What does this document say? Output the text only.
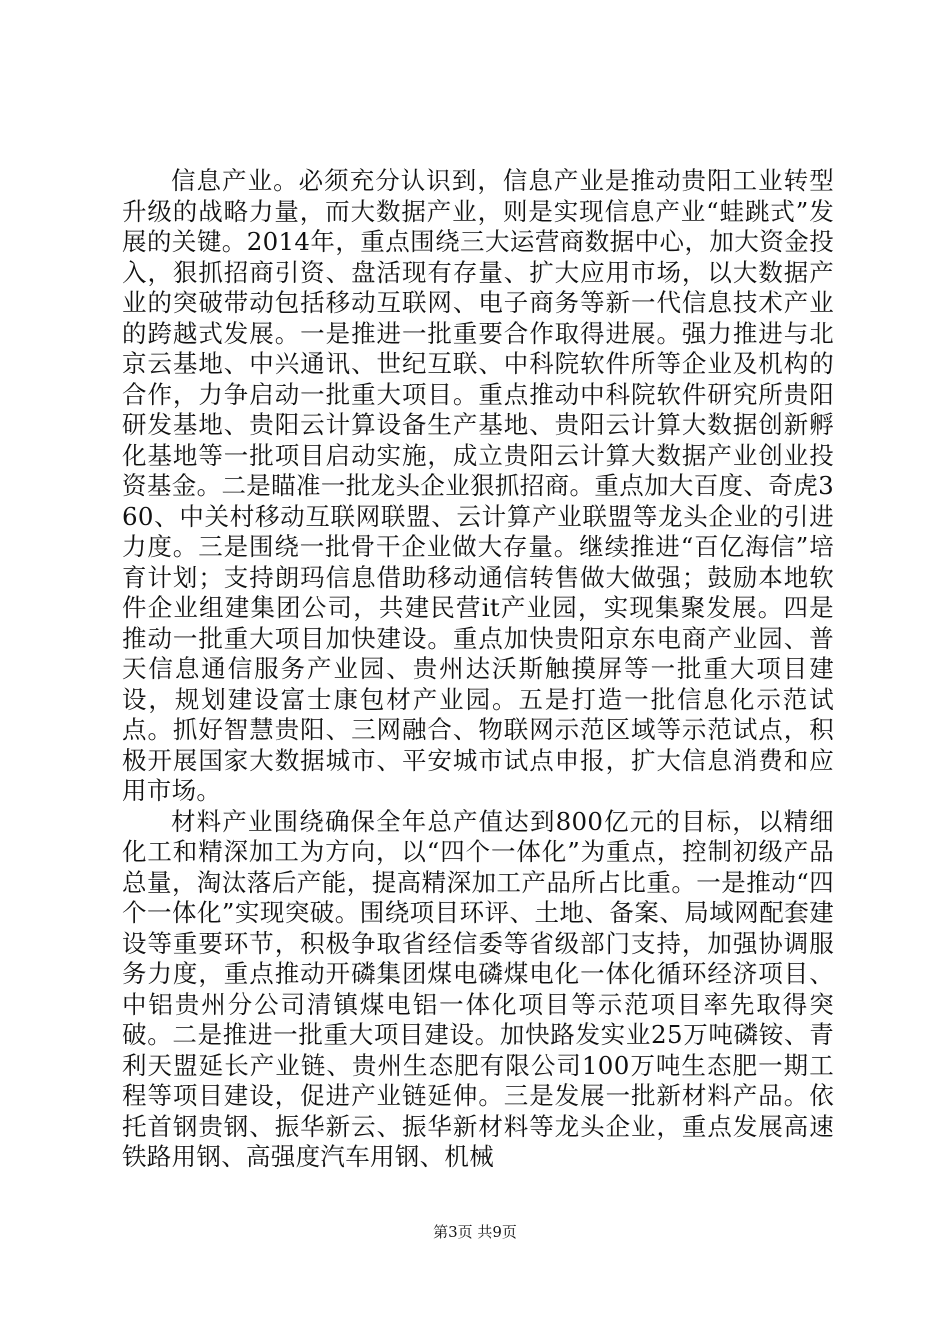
信息产业。必须充分认识到，信息产业是推动贵阳工业转型升级的战略力量，而大数据产业，则是实现信息产业“蛙跳式”发展的关键。2014年，重点围绕三大运营商数据中心，加大资金投入，狠抓招商引资、盘活现有存量、扩大应用市场，以大数据产业的突破带动包括移动互联网、电子商务等新一代信息技术产业的跨越式发展。一是推进一批重要合作取得进展。强力推进与北京云基地、中兴通讯、世纪互联、中科院软件所等企业及机构的合作，力争启动一批重大项目。重点推动中科院软件研究所贵阳研发基地、贵阳云计算设备生产基地、贵阳云计算大数据创新孵化基地等一批项目启动实施，成立贵阳云计算大数据产业创业投资基金。二是瞄准一批龙头企业狠抓招商。重点加大百度、奇虎360、中关村移动互联网联盟、云计算产业联盟等龙头企业的引进力度。三是围绕一批骨干企业做大存量。继续推进“百亿海信”培育计划；支持朗玛信息借助移动通信转售做大做强；鼓励本地软件企业组建集团公司，共建民营it产业园，实现集聚发展。四是推动一批重大项目加快建设。重点加快贵阳京东电商产业园、普天信息通信服务产业园、贵州达沃斯触摸屏等一批重大项目建设，规划建设富士康包材产业园。五是打造一批信息化示范试点。抓好智慧贵阳、三网融合、物联网示范区域等示范试点，积极开展国家大数据城市、平安城市试点申报，扩大信息消费和应用市场。

材料产业围绕确保全年总产值达到800亿元的目标，以精细化工和精深加工为方向，以“四个一体化”为重点，控制初级产品总量，淘汰落后产能，提高精深加工产品所占比重。一是推动“四个一体化”实现突破。围绕项目环评、土地、备案、局域网配套建设等重要环节，积极争取省经信委等省级部门支持，加强协调服务力度，重点推动开磷集团煤电磷煤电化一体化循环经济项目、中铝贵州分公司清镇煤电铝一体化项目等示范项目率先取得突破。二是推进一批重大项目建设。加快路发实业25万吨磷铵、青利天盟延长产业链、贵州生态肥有限公司100万吨生态肥一期工程等项目建设，促进产业链延伸。三是发展一批新材料产品。依托首钢贵钢、振华新云、振华新材料等龙头企业，重点发展高速铁路用钢、高强度汽车用钢、机械

第3页 共9页
